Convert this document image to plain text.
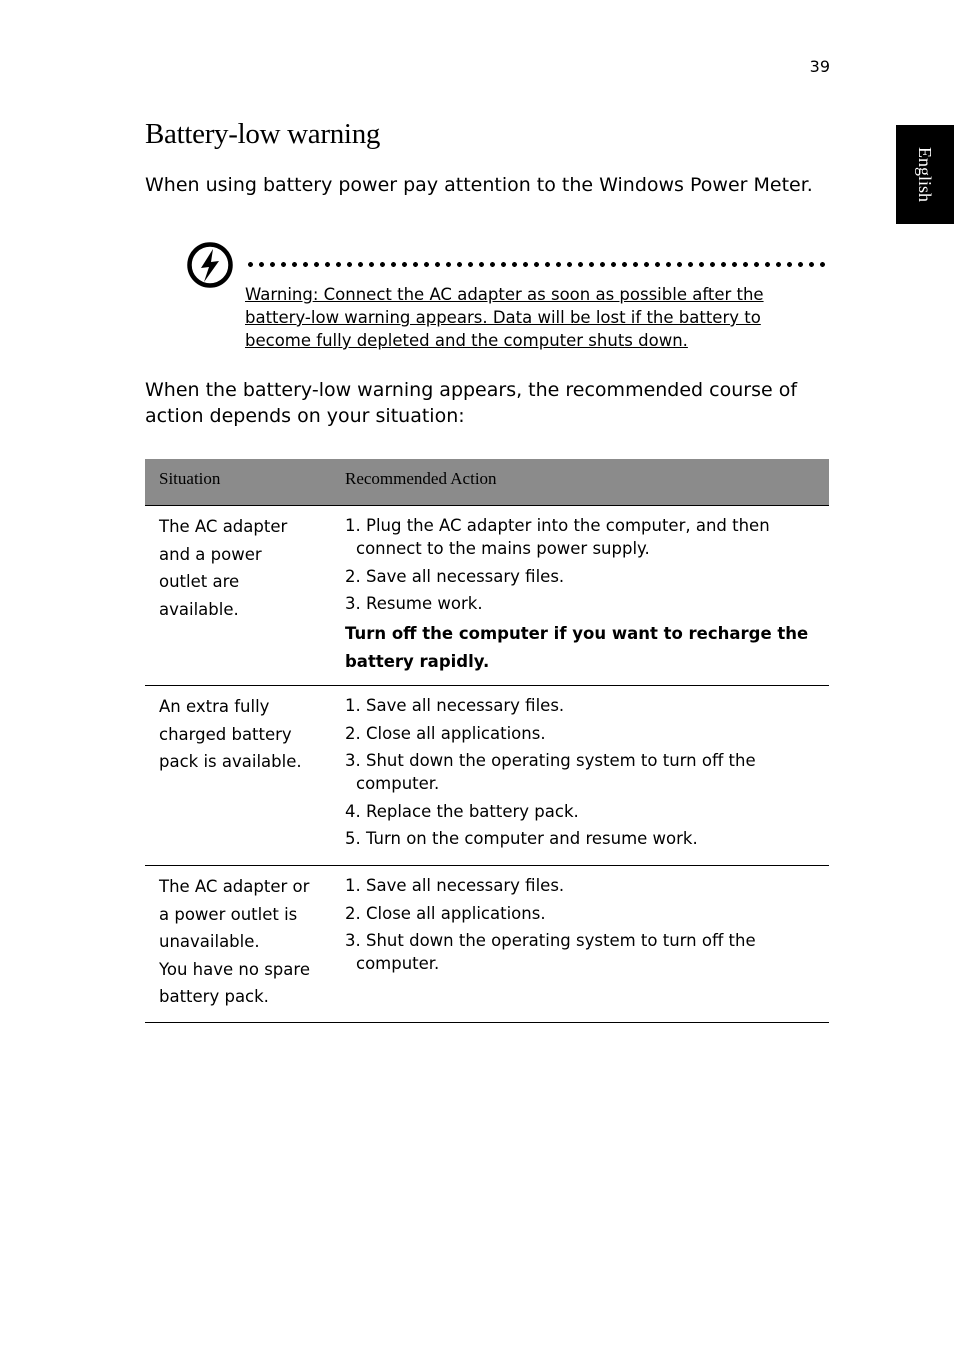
39
English
Battery-low warning

When using battery power pay attention to the Windows Power Meter.

Warning: Connect the AC adapter as soon as possible after the battery-low warning appears. Data will be lost if the battery to become fully depleted and the computer shuts down.

When the battery-low warning appears, the recommended course of action depends on your situation:

Situation	Recommended Action
The AC adapter
and a power
outlet are
available.
1. Plug the AC adapter into the computer, and then connect to the mains power supply.
2. Save all necessary files.
3. Resume work.
Turn off the computer if you want to recharge the
battery rapidly.
An extra fully
charged battery
pack is available.
1. Save all necessary files.
2. Close all applications.
3. Shut down the operating system to turn off the computer.
4. Replace the battery pack.
5. Turn on the computer and resume work.
The AC adapter or
a power outlet is
unavailable.
You have no spare
battery pack.
1. Save all necessary files.
2. Close all applications.
3. Shut down the operating system to turn off the computer.
